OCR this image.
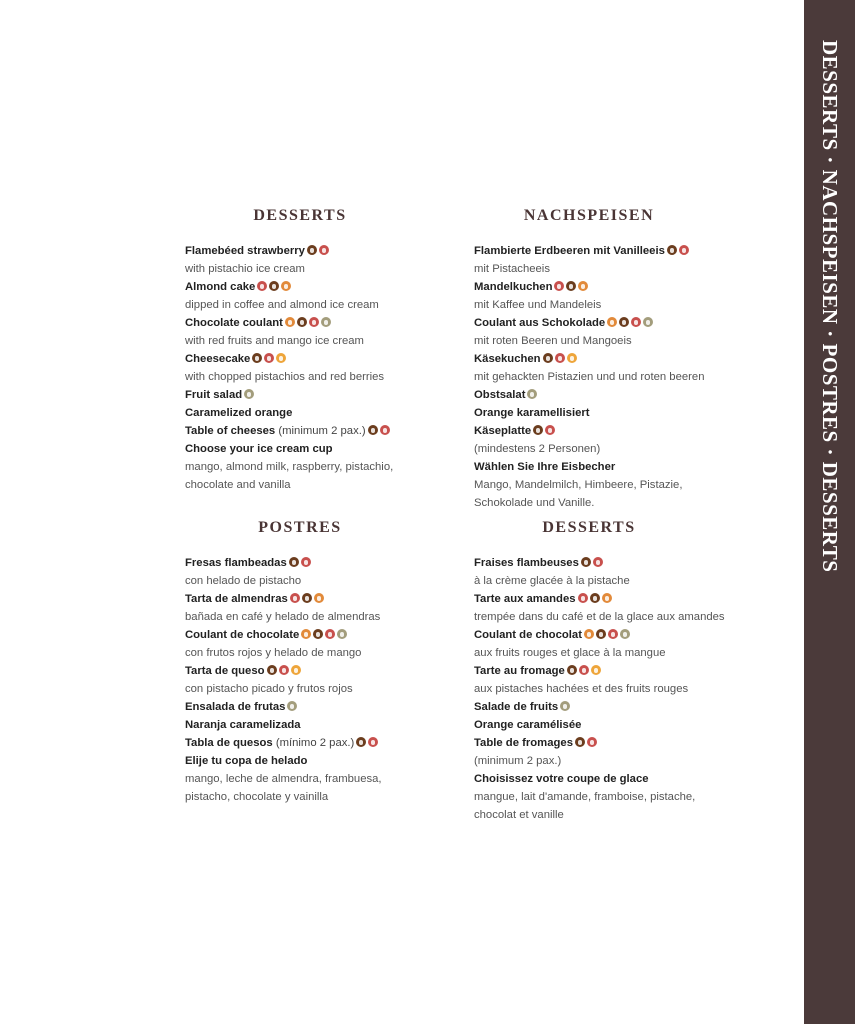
DESSERTS · NACHSPEISEN · POSTRES · DESSERTS
DESSERTS
Flamebéed strawberry
with pistachio ice cream
Almond cake
dipped in coffee and almond ice cream
Chocolate coulant
with red fruits and mango ice cream
Cheesecake
with chopped pistachios and red berries
Fruit salad
Caramelized orange
Table of cheeses (minimum 2 pax.)
Choose your ice cream cup
mango, almond milk, raspberry, pistachio,
chocolate and vanilla
NACHSPEISEN
Flambierte Erdbeeren mit Vanilleeis
mit Pistacheeis
Mandelkuchen
mit Kaffee und Mandeleis
Coulant aus Schokolade
mit roten Beeren und Mangoeis
Käsekuchen
mit gehackten Pistazien und und roten beeren
Obstsalat
Orange karamellisiert
Käseplatte
(mindestens 2 Personen)
Wählen Sie Ihre Eisbecher
Mango, Mandelmilch, Himbeere, Pistazie,
Schokolade und Vanille.
POSTRES
Fresas flambeadas
con helado de pistacho
Tarta de almendras
bañada en café y helado de almendras
Coulant de chocolate
con frutos rojos y helado de mango
Tarta de queso
con pistacho picado y frutos rojos
Ensalada de frutas
Naranja caramelizada
Tabla de quesos (mínimo 2 pax.)
Elije tu copa de helado
mango, leche de almendra, frambuesa,
pistacho, chocolate y vainilla
DESSERTS
Fraises flambeuses
à la crème glacée à la pistache
Tarte aux amandes
trempée dans du café et de la glace aux amandes
Coulant de chocolat
aux fruits rouges et glace à la mangue
Tarte au fromage
aux pistaches hachées et des fruits rouges
Salade de fruits
Orange caramélisée
Table de fromages
(minimum 2 pax.)
Choisissez votre coupe de glace
mangue, lait d'amande, framboise, pistache,
chocolat et vanille
